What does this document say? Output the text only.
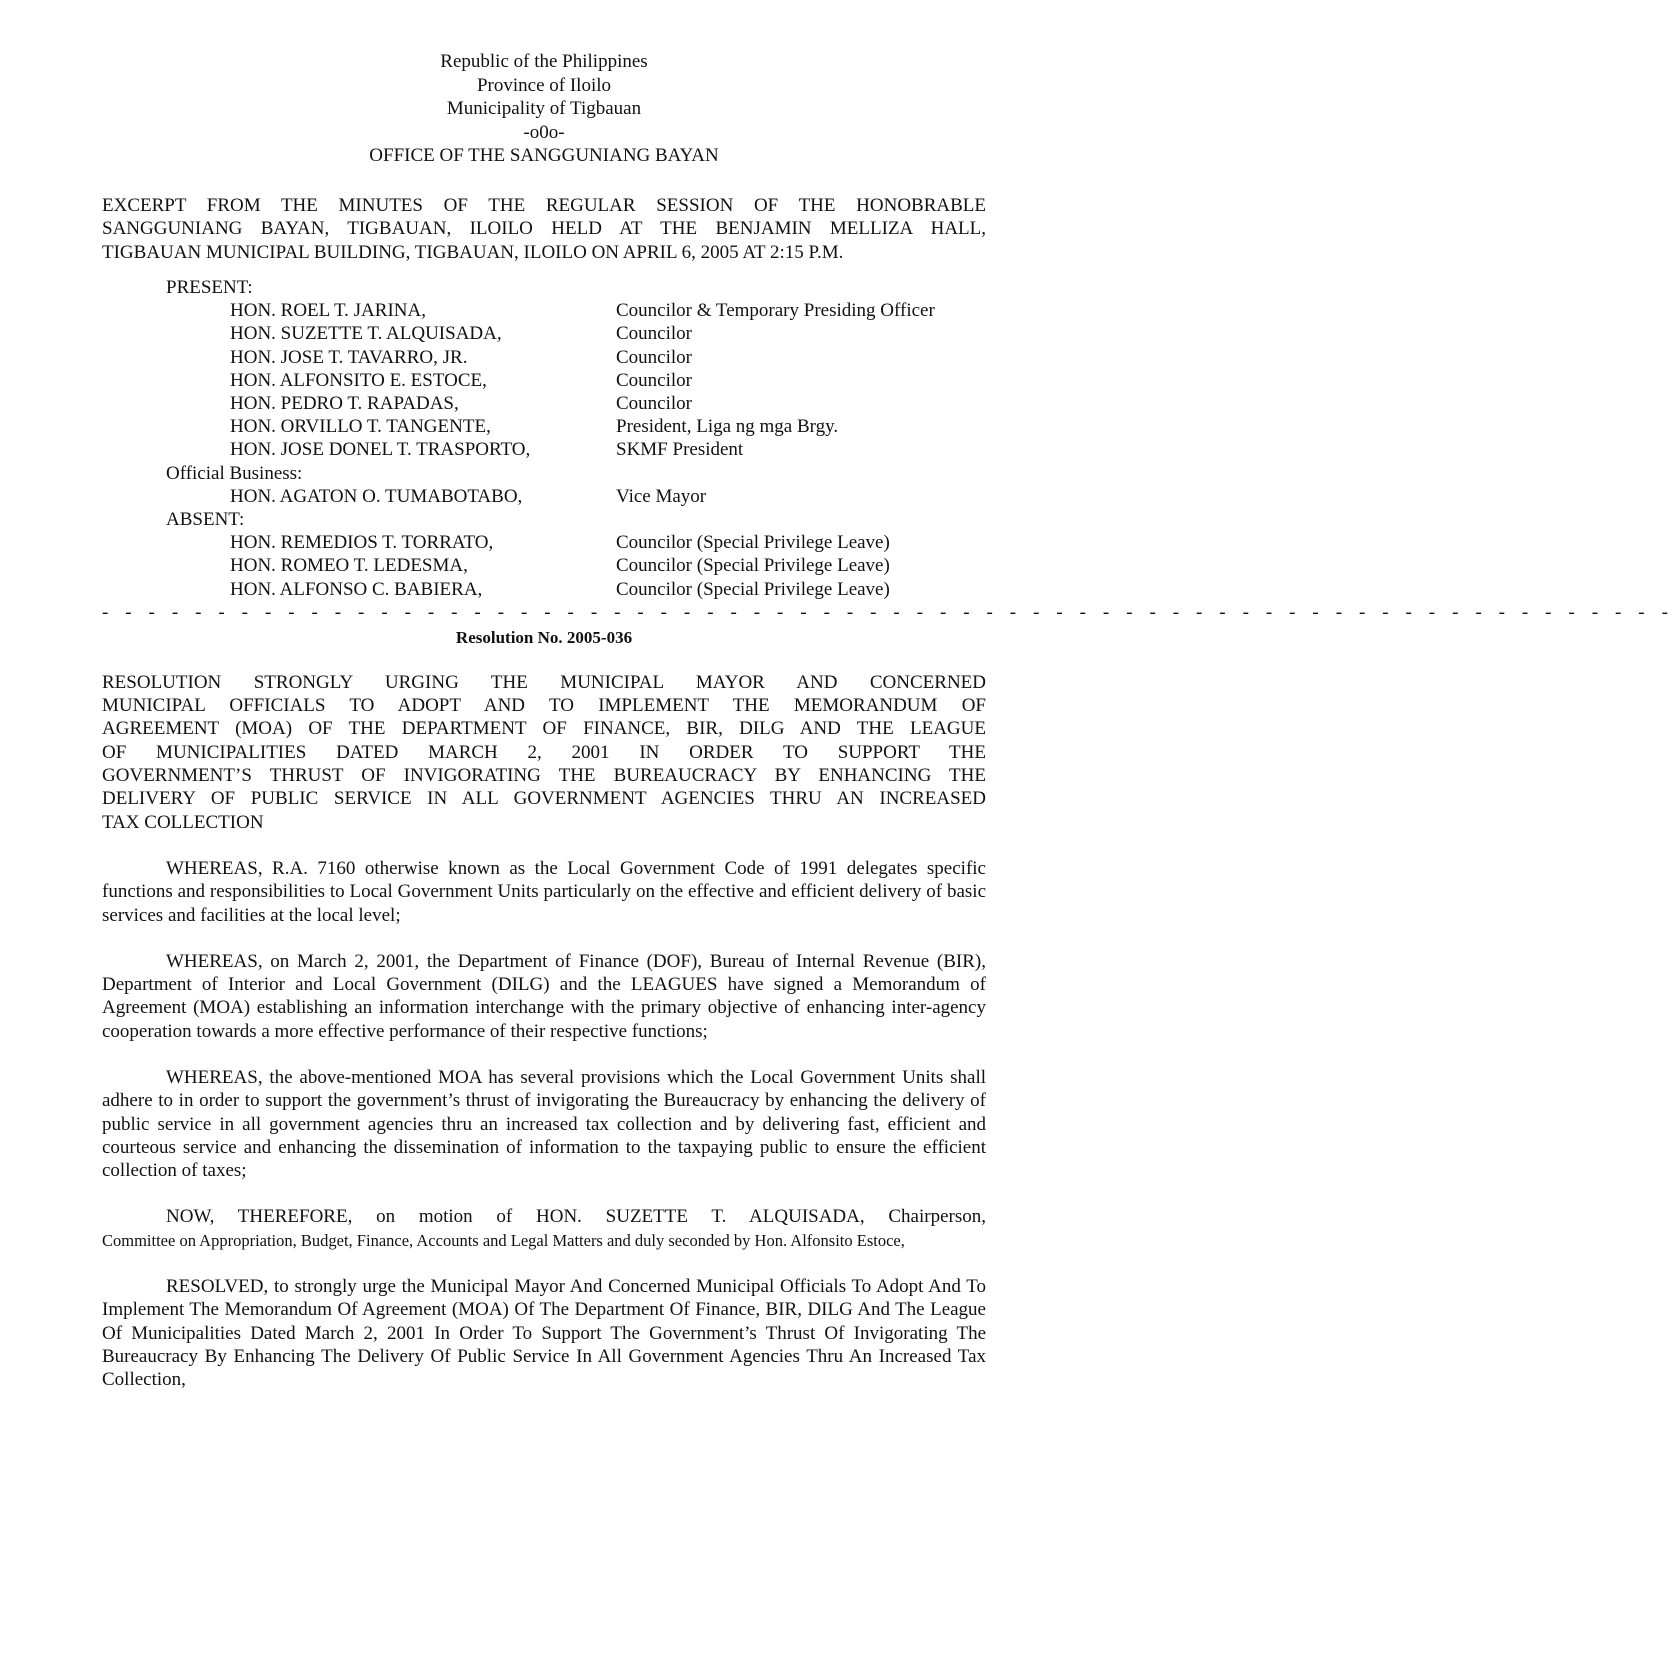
Republic of the Philippines
Province of Iloilo
Municipality of Tigbauan
-o0o-
OFFICE OF THE SANGGUNIANG BAYAN
EXCERPT FROM THE MINUTES OF THE REGULAR SESSION OF THE HONOBRABLE
SANGGUNIANG BAYAN, TIGBAUAN, ILOILO HELD AT THE BENJAMIN MELLIZA HALL,
TIGBAUAN MUNICIPAL BUILDING, TIGBAUAN, ILOILO ON APRIL 6, 2005 AT 2:15 P.M.
PRESENT:
HON. ROEL T. JARINA,	Councilor & Temporary Presiding Officer
HON. SUZETTE T. ALQUISADA,	Councilor
HON. JOSE T. TAVARRO, JR.	Councilor
HON. ALFONSITO E. ESTOCE,	Councilor
HON. PEDRO T. RAPADAS,	Councilor
HON. ORVILLO T. TANGENTE,	President, Liga ng mga Brgy.
HON. JOSE DONEL T. TRASPORTO,	SKMF President
Official Business:
HON. AGATON O. TUMABOTABO,	Vice Mayor
ABSENT:
HON. REMEDIOS T. TORRATO,	Councilor (Special Privilege Leave)
HON. ROMEO T. LEDESMA,	Councilor (Special Privilege Leave)
HON. ALFONSO C. BABIERA,	Councilor (Special Privilege Leave)
- - - - - - - - - - - - - - - - - - - - - - - - - - - - - - - - - - - - - - - - - - - - - - - - - - - - - - - - - - - - - - - - - - - -
Resolution No. 2005-036
RESOLUTION STRONGLY URGING THE MUNICIPAL MAYOR AND CONCERNED
MUNICIPAL OFFICIALS TO ADOPT AND TO IMPLEMENT THE MEMORANDUM OF
AGREEMENT (MOA) OF THE DEPARTMENT OF FINANCE, BIR, DILG AND THE LEAGUE
OF MUNICIPALITIES DATED MARCH 2, 2001 IN ORDER TO SUPPORT THE
GOVERNMENT’S THRUST OF INVIGORATING THE BUREAUCRACY BY ENHANCING THE
DELIVERY OF PUBLIC SERVICE IN ALL GOVERNMENT AGENCIES THRU AN INCREASED
TAX COLLECTION
WHEREAS, R.A. 7160 otherwise known as the Local Government Code of 1991 delegates specific functions and responsibilities to Local Government Units particularly on the effective and efficient delivery of basic services and facilities at the local level;
WHEREAS, on March 2, 2001, the Department of Finance (DOF), Bureau of Internal Revenue (BIR), Department of Interior and Local Government (DILG) and the LEAGUES have signed a Memorandum of Agreement (MOA) establishing an information interchange with the primary objective of enhancing inter-agency cooperation towards a more effective performance of their respective functions;
WHEREAS, the above-mentioned MOA has several provisions which the Local Government Units shall adhere to in order to support the government’s thrust of invigorating the Bureaucracy by enhancing the delivery of public service in all government agencies thru an increased tax collection and by delivering fast, efficient and courteous service and enhancing the dissemination of information to the taxpaying public to ensure the efficient collection of taxes;
NOW, THEREFORE, on motion of HON. SUZETTE T. ALQUISADA, Chairperson,
Committee on Appropriation, Budget, Finance, Accounts and Legal Matters and duly seconded by Hon. Alfonsito Estoce,
RESOLVED, to strongly urge the Municipal Mayor And Concerned Municipal Officials To Adopt And To Implement The Memorandum Of Agreement (MOA) Of The Department Of Finance, BIR, DILG And The League Of Municipalities Dated March 2, 2001 In Order To Support The Government’s Thrust Of Invigorating The Bureaucracy By Enhancing The Delivery Of Public Service In All Government Agencies Thru An Increased Tax Collection,
